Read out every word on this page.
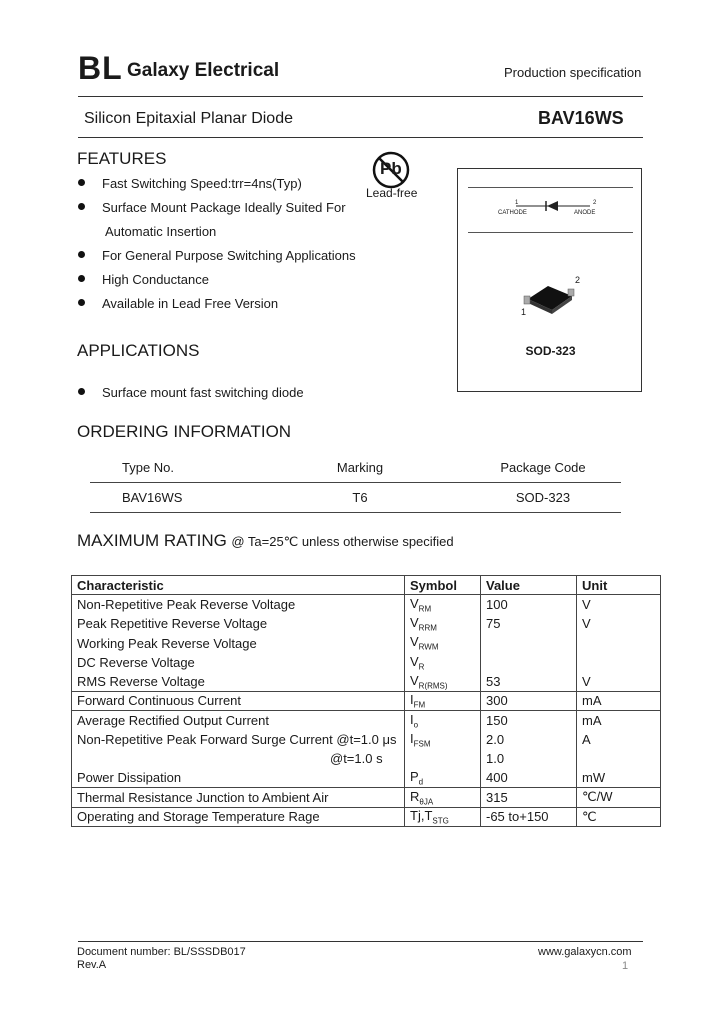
BL Galaxy Electrical	Production specification
Silicon Epitaxial Planar Diode	BAV16WS
FEATURES
Fast Switching Speed:trr=4ns(Typ)
Surface Mount Package Ideally Suited For
Automatic Insertion
For General Purpose Switching Applications
High Conductance
Available in Lead Free Version
Pb
Lead-free
1	2
CATHODE	ANODE
2
1
SOD-323
APPLICATIONS
Surface mount fast switching diode
ORDERING INFORMATION
Type No.	Marking	Package Code
BAV16WS	T6	SOD-323
MAXIMUM RATING @ Ta=25℃ unless otherwise specified
Characteristic	Symbol	Value	Unit
Non-Repetitive Peak Reverse Voltage	$V_{RM}$	100	V
Peak Repetitive Reverse Voltage	$V_{RRM}$	75	V
Working Peak Reverse Voltage	$V_{RWM}$		
DC Reverse Voltage	$V_R$		
RMS Reverse Voltage	$V_{R(RMS)}$	53	V
Forward Continuous Current	$I_{FM}$	300	mA
Average Rectified Output Current	$I_o$	150	mA
Non-Repetitive Peak Forward Surge Current @t=1.0 μs	$I_{FSM}$	2.0	A
@t=1.0 s		1.0	
Power Dissipation	$P_d$	400	mW
Thermal Resistance Junction to Ambient Air	$R_{\theta JA}$	315	℃/W
Operating and Storage Temperature Rage	$Tj,T_{STG}$	-65 to+150	℃
Document number: BL/SSSDB017
Rev.A
www.galaxycn.com
1
